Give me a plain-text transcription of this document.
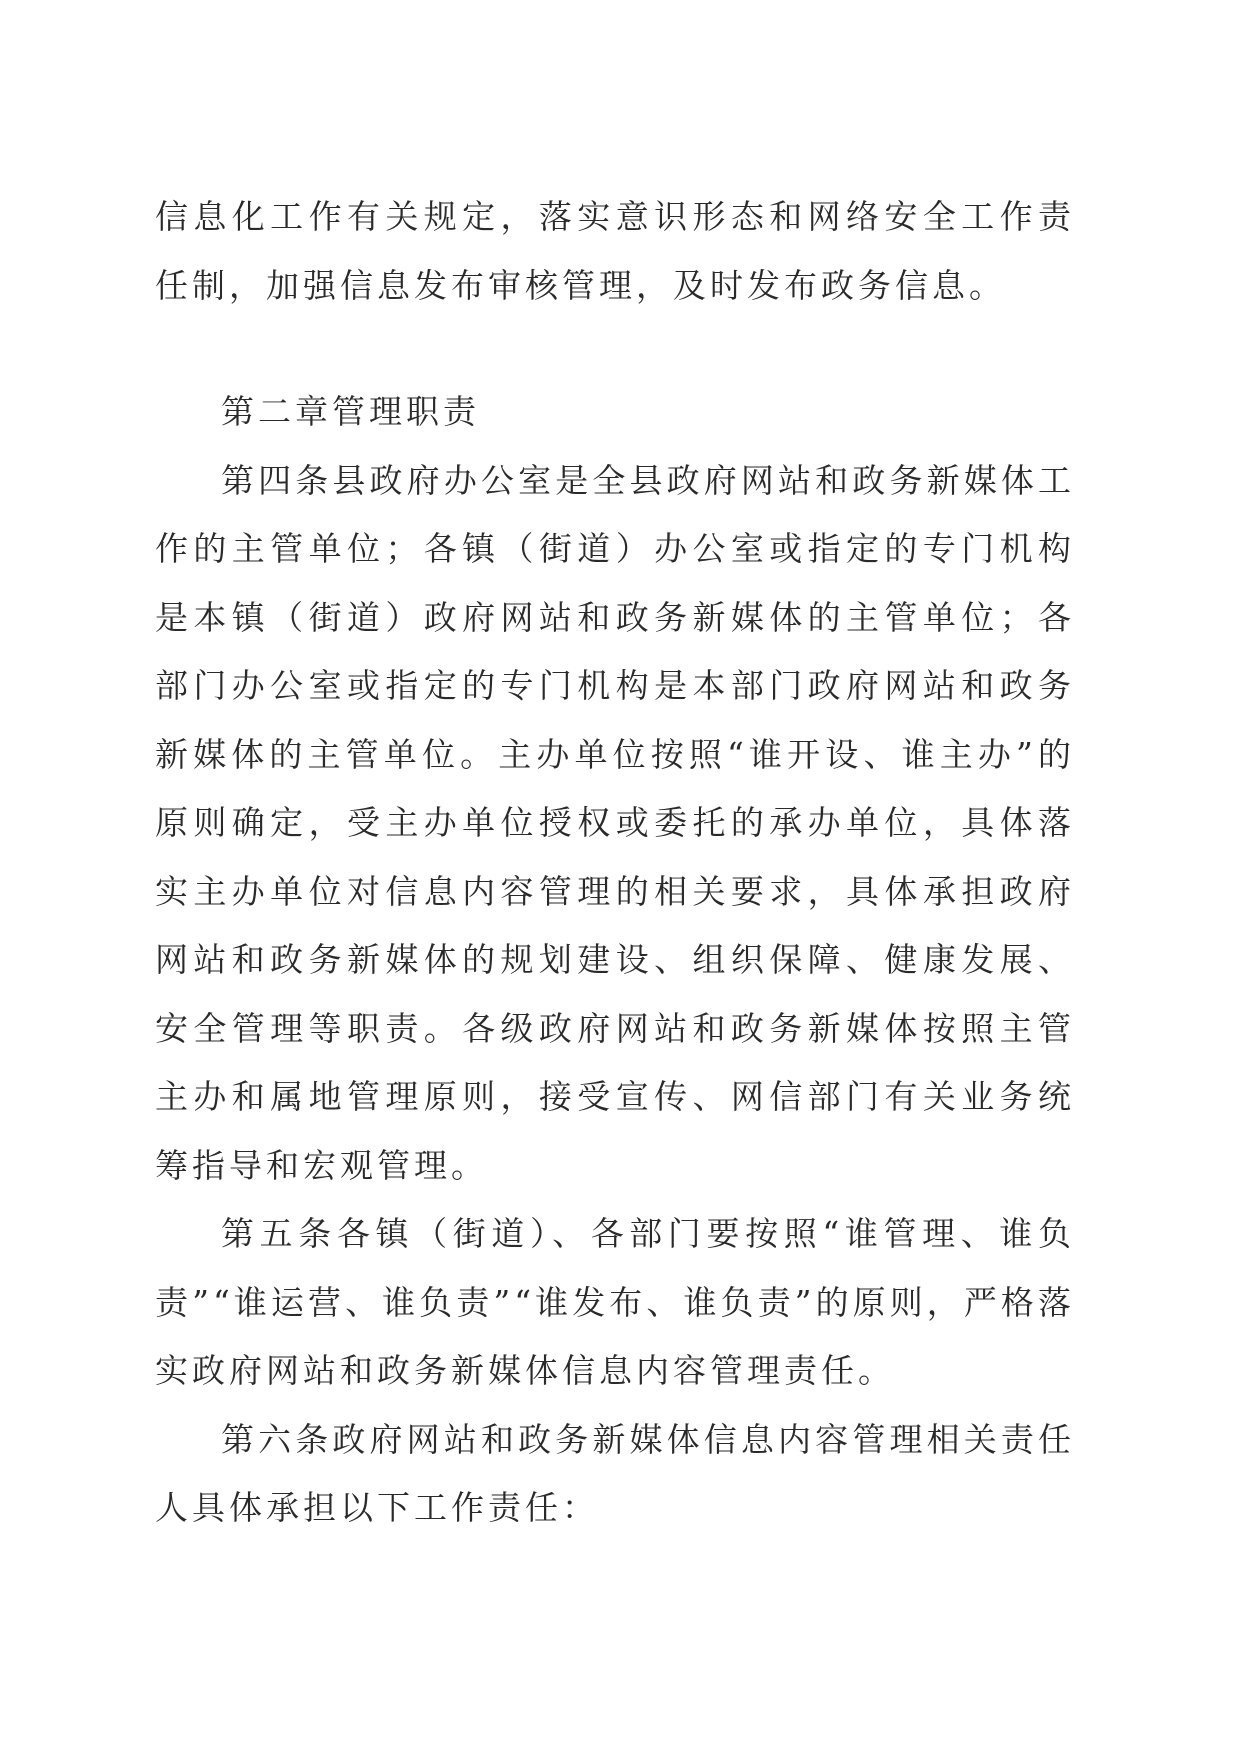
信息化工作有关规定，落实意识形态和网络安全工作责任制，加强信息发布审核管理，及时发布政务信息。

第二章管理职责

第四条县政府办公室是全县政府网站和政务新媒体工作的主管单位；各镇（街道）办公室或指定的专门机构是本镇（街道）政府网站和政务新媒体的主管单位；各部门办公室或指定的专门机构是本部门政府网站和政务新媒体的主管单位。主办单位按照“谁开设、谁主办”的原则确定，受主办单位授权或委托的承办单位，具体落实主办单位对信息内容管理的相关要求，具体承担政府网站和政务新媒体的规划建设、组织保障、健康发展、安全管理等职责。各级政府网站和政务新媒体按照主管主办和属地管理原则，接受宣传、网信部门有关业务统筹指导和宏观管理。

第五条各镇（街道）、各部门要按照“谁管理、谁负责”“谁运营、谁负责”“谁发布、谁负责”的原则，严格落实政府网站和政务新媒体信息内容管理责任。

第六条政府网站和政务新媒体信息内容管理相关责任人具体承担以下工作责任：
